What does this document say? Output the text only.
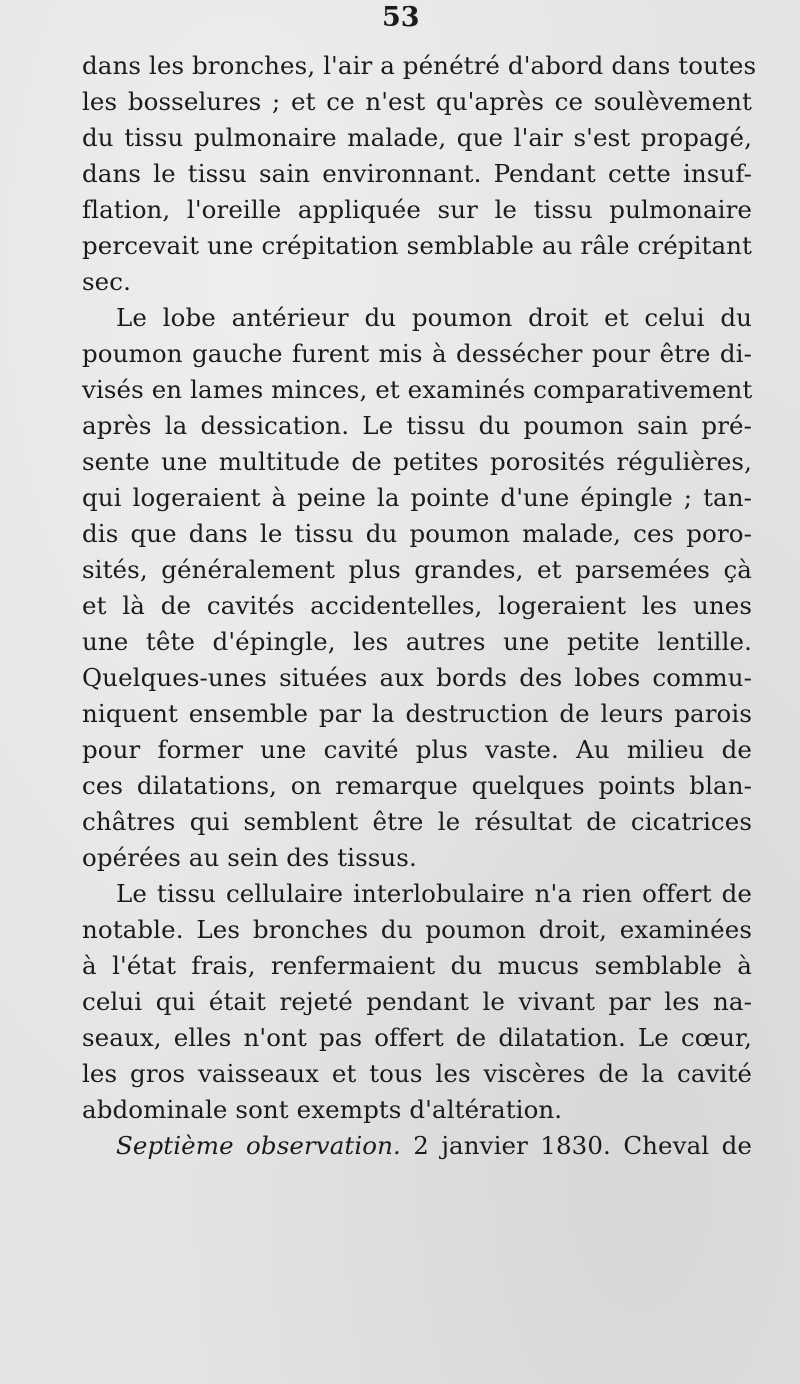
53
dans les bronches, l'air a pénétré d'abord dans toutes
les bosselures ; et ce n'est qu'après ce soulèvement
du tissu pulmonaire malade, que l'air s'est propagé,
dans le tissu sain environnant. Pendant cette insuf-
flation, l'oreille appliquée sur le tissu pulmonaire
percevait une crépitation semblable au râle crépitant
sec.
Le lobe antérieur du poumon droit et celui du
poumon gauche furent mis à dessécher pour être di-
visés en lames minces, et examinés comparativement
après la dessication. Le tissu du poumon sain pré-
sente une multitude de petites porosités régulières,
qui logeraient à peine la pointe d'une épingle ; tan-
dis que dans le tissu du poumon malade, ces poro-
sités, généralement plus grandes, et parsemées çà
et là de cavités accidentelles, logeraient les unes
une tête d'épingle, les autres une petite lentille.
Quelques-unes situées aux bords des lobes commu-
niquent ensemble par la destruction de leurs parois
pour former une cavité plus vaste. Au milieu de
ces dilatations, on remarque quelques points blan-
châtres qui semblent être le résultat de cicatrices
opérées au sein des tissus.
Le tissu cellulaire interlobulaire n'a rien offert de
notable. Les bronches du poumon droit, examinées
à l'état frais, renfermaient du mucus semblable à
celui qui était rejeté pendant le vivant par les na-
seaux, elles n'ont pas offert de dilatation. Le cœur,
les gros vaisseaux et tous les viscères de la cavité
abdominale sont exempts d'altération.
Septième observation. 2 janvier 1830. Cheval de
